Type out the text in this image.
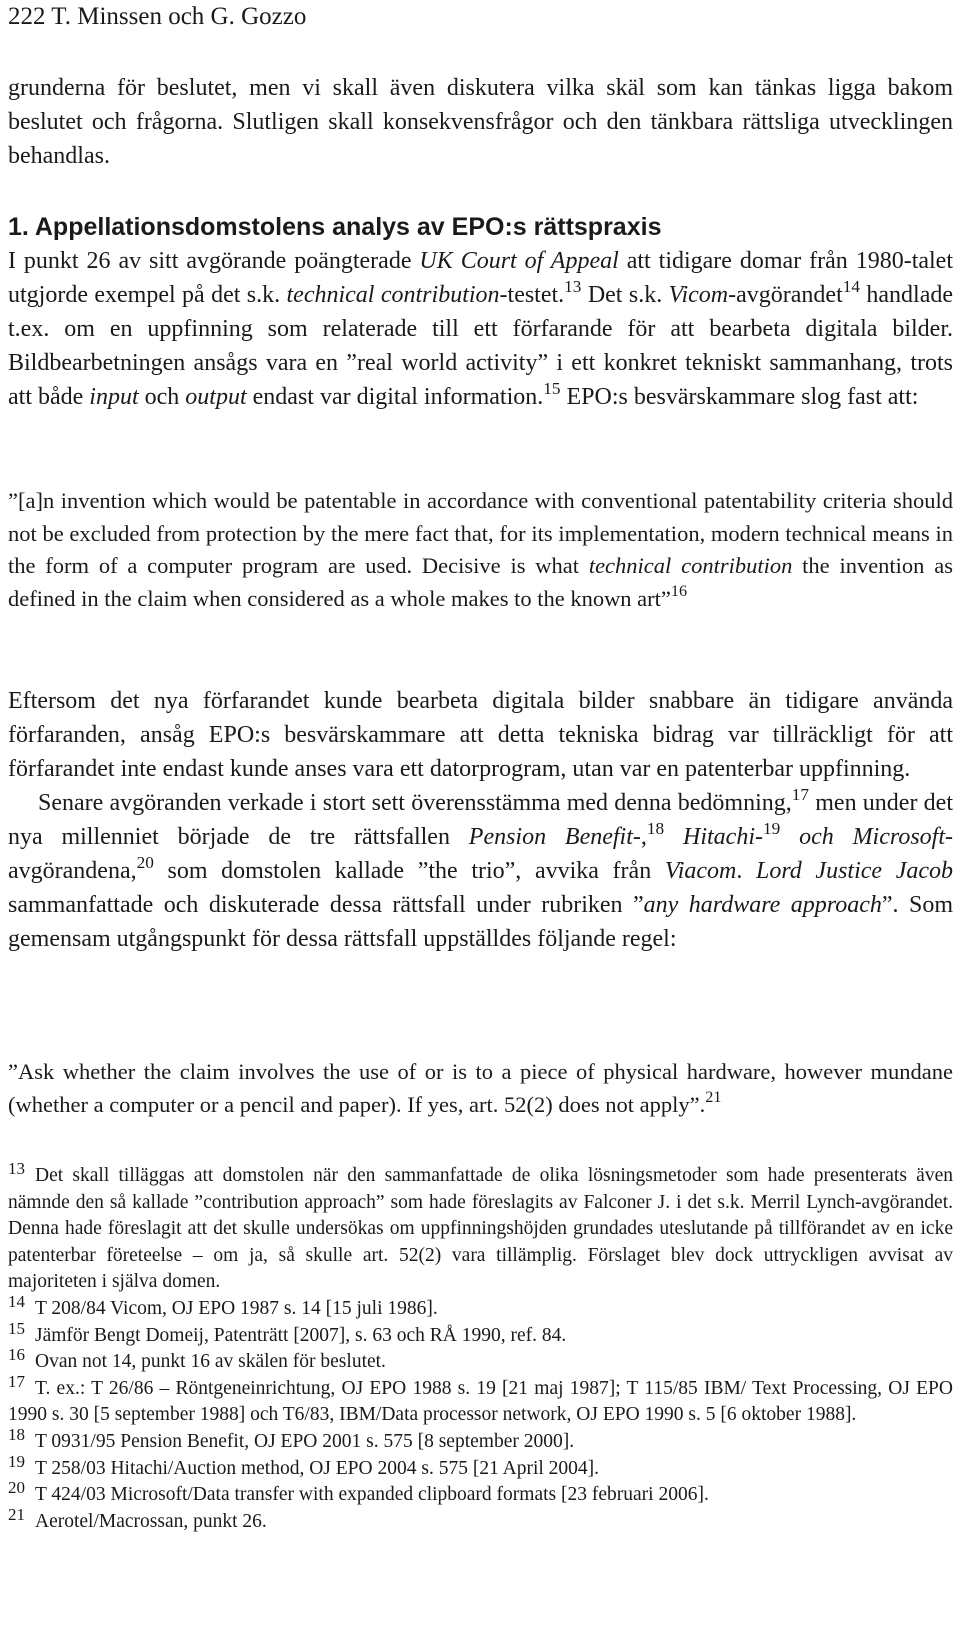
222 T. Minssen och G. Gozzo

grunderna för beslutet, men vi skall även diskutera vilka skäl som kan tänkas ligga bakom beslutet och frågorna. Slutligen skall konsekvensfrågor och den tänkbara rättsliga utvecklingen behandlas.

1. Appellationsdomstolens analys av EPO:s rättspraxis

I punkt 26 av sitt avgörande poängterade UK Court of Appeal att tidigare domar från 1980-talet utgjorde exempel på det s.k. technical contribution-testet.$^{13}$ Det s.k. Vicom-avgörandet$^{14}$ handlade t.ex. om en uppfinning som relaterade till ett förfarande för att bearbeta digitala bilder. Bildbearbetningen ansågs vara en ”real world activity” i ett konkret tekniskt sammanhang, trots att både input och output endast var digital information.$^{15}$ EPO:s besvärskammare slog fast att:

”[a]n invention which would be patentable in accordance with conventional patentability criteria should not be excluded from protection by the mere fact that, for its implementation, modern technical means in the form of a computer program are used. Decisive is what technical contribution the invention as defined in the claim when considered as a whole makes to the known art”$^{16}$

Eftersom det nya förfarandet kunde bearbeta digitala bilder snabbare än tidigare använda förfaranden, ansåg EPO:s besvärskammare att detta tekniska bidrag var tillräckligt för att förfarandet inte endast kunde anses vara ett datorprogram, utan var en patenterbar uppfinning.

Senare avgöranden verkade i stort sett överensstämma med denna bedömning,$^{17}$ men under det nya millenniet började de tre rättsfallen Pension Benefit-,$^{18}$ Hitachi-$^{19}$ och Microsoft-avgörandena,$^{20}$ som domstolen kallade ”the trio”, avvika från Viacom. Lord Justice Jacob sammanfattade och diskuterade dessa rättsfall under rubriken ”any hardware approach”. Som gemensam utgångspunkt för dessa rättsfall uppställdes följande regel:

”Ask whether the claim involves the use of or is to a piece of physical hardware, however mundane (whether a computer or a pencil and paper). If yes, art. 52(2) does not apply”.$^{21}$

13 Det skall tilläggas att domstolen när den sammanfattade de olika lösningsmetoder som hade presenterats även nämnde den så kallade ”contribution approach” som hade föreslagits av Falconer J. i det s.k. Merril Lynch-avgörandet. Denna hade föreslagit att det skulle undersökas om uppfinningshöjden grundades uteslutande på tillförandet av en icke patenterbar företeelse – om ja, så skulle art. 52(2) vara tillämplig. Förslaget blev dock uttryckligen avvisat av majoriteten i själva domen.

14 T 208/84 Vicom, OJ EPO 1987 s. 14 [15 juli 1986].

15 Jämför Bengt Domeij, Patenträtt [2007], s. 63 och RÅ 1990, ref. 84.

16 Ovan not 14, punkt 16 av skälen för beslutet.

17 T. ex.: T 26/86 – Röntgeneinrichtung, OJ EPO 1988 s. 19 [21 maj 1987]; T 115/85 IBM/ Text Processing, OJ EPO 1990 s. 30 [5 september 1988] och T6/83, IBM/Data processor network, OJ EPO 1990 s. 5 [6 oktober 1988].

18 T 0931/95 Pension Benefit, OJ EPO 2001 s. 575 [8 september 2000].

19 T 258/03 Hitachi/Auction method, OJ EPO 2004 s. 575 [21 April 2004].

20 T 424/03 Microsoft/Data transfer with expanded clipboard formats [23 februari 2006].

21 Aerotel/Macrossan, punkt 26.
